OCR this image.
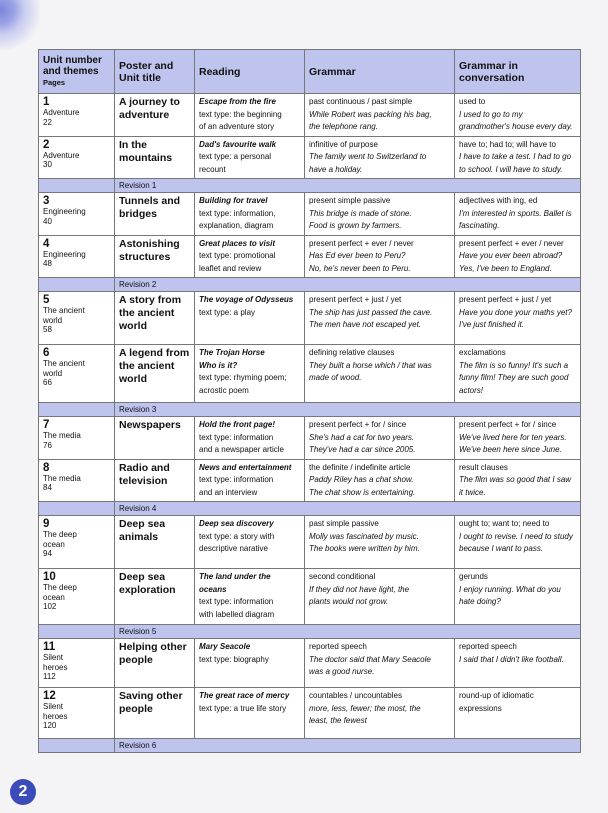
Unit number and themes
Pages	Poster and Unit title	Reading	Grammar	Grammar in conversation

1
Adventure
22	A journey to
adventure	Escape from the fire
text type: the beginning
of an adventure story	past continuous / past simple
While Robert was packing his bag,
the telephone rang.	used to
I used to go to my
grandmother's house every day.

2
Adventure
30	In the
mountains	Dad's favourite walk
text type: a personal
recount	infinitive of purpose
The family went to Switzerland to
have a holiday.	have to; had to; will have to
I have to take a test. I had to go
to school. I will have to study.

	Revision 1			

3
Engineering
40	Tunnels and
bridges	Building for travel
text type: information,
explanation, diagram	present simple passive
This bridge is made of stone.
Food is grown by farmers.	adjectives with ing, ed
I'm interested in sports. Ballet is
fascinating.

4
Engineering
48	Astonishing
structures	Great places to visit
text type: promotional
leaflet and review	present perfect + ever / never
Has Ed ever been to Peru?
No, he's never been to Peru.	present perfect + ever / never
Have you ever been abroad?
Yes, I've been to England.

	Revision 2			

5
The ancient
world
58	A story from
the ancient
world	The voyage of Odysseus
text type: a play	present perfect + just / yet
The ship has just passed the cave.
The men have not escaped yet.	present perfect + just / yet
Have you done your maths yet?
I've just finished it.

6
The ancient
world
66	A legend from
the ancient
world	The Trojan Horse
Who is it?
text type: rhyming poem;
acrostic poem	defining relative clauses
They built a horse which / that was
made of wood.	exclamations
The film is so funny! It's such a
funny film! They are such good
actors!

	Revision 3			

7
The media
76	Newspapers	Hold the front page!
text type: information
and a newspaper article	present perfect + for / since
She's had a cat for two years.
They've had a car since 2005.	present perfect + for / since
We've lived here for ten years.
We've been here since June.

8
The media
84	Radio and
television	News and entertainment
text type: information
and an interview	the definite / indefinite article
Paddy Riley has a chat show.
The chat show is entertaining.	result clauses
The film was so good that I saw
it twice.

	Revision 4			

9
The deep
ocean
94	Deep sea
animals	Deep sea discovery
text type: a story with
descriptive narative	past simple passive
Molly was fascinated by music.
The books were written by him.	ought to; want to; need to
I ought to revise. I need to study
because I want to pass.

10
The deep
ocean
102	Deep sea
exploration	The land under the
oceans
text type: information
with labelled diagram	second conditional
If they did not have light, the
plants would not grow.	gerunds
I enjoy running. What do you
hate doing?

	Revision 5			

11
Silent
heroes
112	Helping other
people	Mary Seacole
text type: biography	reported speech
The doctor said that Mary Seacole
was a good nurse.	reported speech
I said that I didn't like football.

12
Silent
heroes
120	Saving other
people	The great race of mercy
text type: a true life story	countables / uncountables
more, less, fewer; the most, the
least, the fewest	round-up of idiomatic
expressions

	Revision 6			
2
